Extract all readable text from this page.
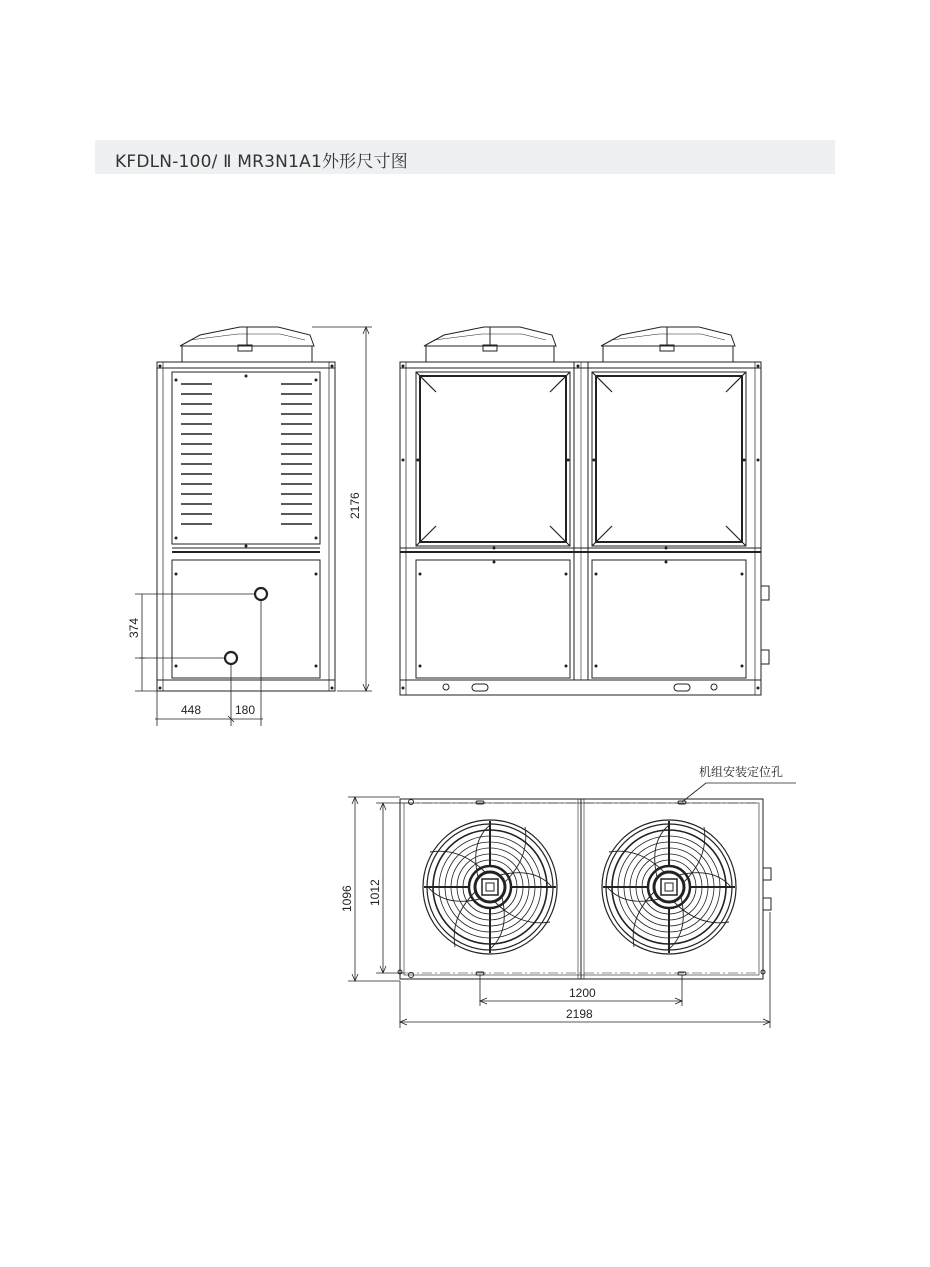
KFDLN-100/ Ⅱ MR3N1A1外形尺寸图
2176
374
448	180
1096 1012
1200
2198
机组安装定位孔
